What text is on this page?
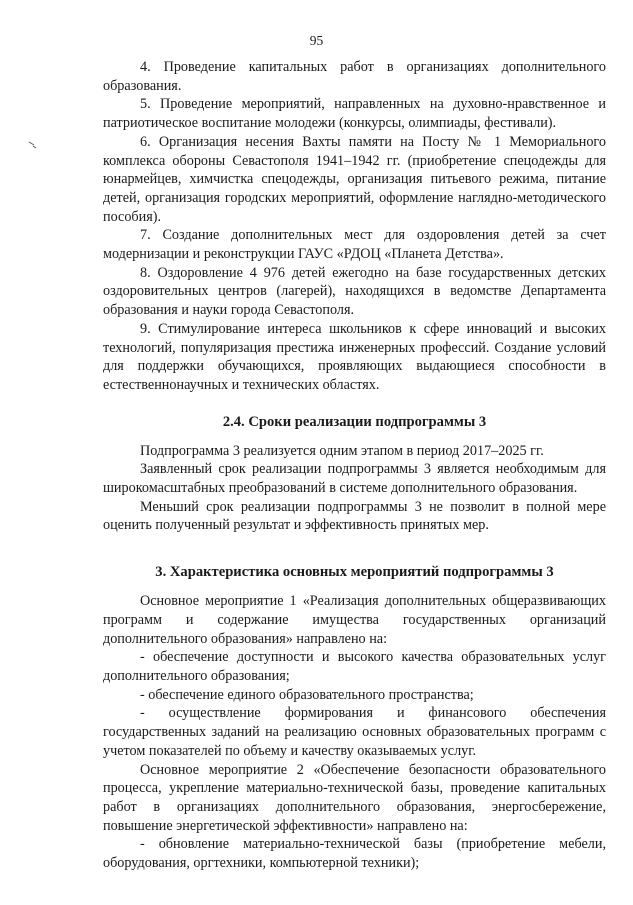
95

4. Проведение капитальных работ в организациях дополнительного образования.

5. Проведение мероприятий, направленных на духовно-нравственное и патриотическое воспитание молодежи (конкурсы, олимпиады, фестивали).

6. Организация несения Вахты памяти на Посту № 1 Мемориального комплекса обороны Севастополя 1941–1942 гг. (приобретение спецодежды для юнармейцев, химчистка спецодежды, организация питьевого режима, питание детей, организация городских мероприятий, оформление наглядно-методического пособия).

7. Создание дополнительных мест для оздоровления детей за счет модернизации и реконструкции ГАУС «РДОЦ «Планета Детства».

8. Оздоровление 4 976 детей ежегодно на базе государственных детских оздоровительных центров (лагерей), находящихся в ведомстве Департамента образования и науки города Севастополя.

9. Стимулирование интереса школьников к сфере инноваций и высоких технологий, популяризация престижа инженерных профессий. Создание условий для поддержки обучающихся, проявляющих выдающиеся способности в естественнонаучных и технических областях.

2.4. Сроки реализации подпрограммы 3

Подпрограмма 3 реализуется одним этапом в период 2017–2025 гг.

Заявленный срок реализации подпрограммы 3 является необходимым для широкомасштабных преобразований в системе дополнительного образования.

Меньший срок реализации подпрограммы 3 не позволит в полной мере оценить полученный результат и эффективность принятых мер.

3. Характеристика основных мероприятий подпрограммы 3

Основное мероприятие 1 «Реализация дополнительных общеразвивающих программ и содержание имущества государственных организаций дополнительного образования» направлено на:

- обеспечение доступности и высокого качества образовательных услуг дополнительного образования;

- обеспечение единого образовательного пространства;

- осуществление формирования и финансового обеспечения государственных заданий на реализацию основных образовательных программ с учетом показателей по объему и качеству оказываемых услуг.

Основное мероприятие 2 «Обеспечение безопасности образовательного процесса, укрепление материально-технической базы, проведение капитальных работ в организациях дополнительного образования, энергосбережение, повышение энергетической эффективности» направлено на:

- обновление материально-технической базы (приобретение мебели, оборудования, оргтехники, компьютерной техники);
